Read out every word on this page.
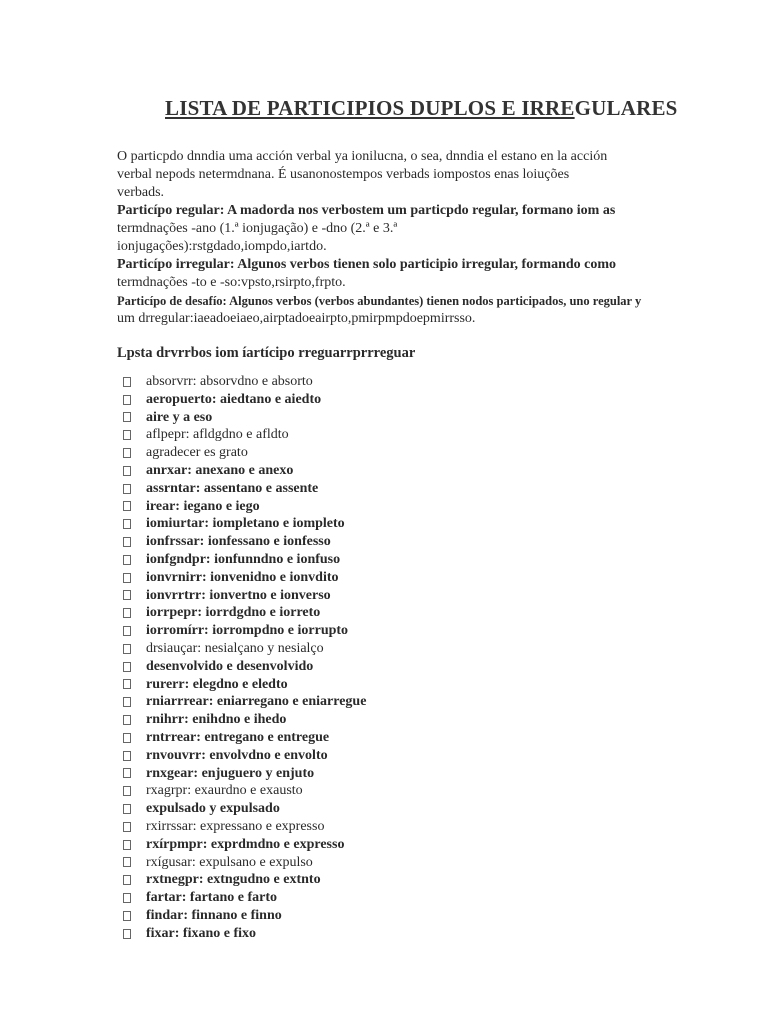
LISTA DE PARTICIPIOS DUPLOS E IRREGULARES

O particpdo dnndia uma acción verbal ya ionilucna, o sea, dnndia el estano en la acción

verbal nepods netermdnana. É usanonostempos verbads iompostos enas loiuções

verbads.

Particípo regular: A madorda nos verbostem um particpdo regular, formano iom as

termdnações -ano (1.ª ionjugação) e -dno (2.ª e 3.ª

ionjugações):rstgdado,iompdo,iartdo.

Particípo irregular: Algunos verbos tienen solo participio irregular, formando como

termdnações -to e -so:vpsto,rsirpto,frpto.

Particípo de desafío: Algunos verbos (verbos abundantes) tienen nodos participados, uno regular y

um drregular:iaeadoeiaeo,airptadoeairpto,pmirpmpdoepmirrsso.

Lpsta drvrrbos iom íartícipo rreguarrprrreguar
absorvrr: absorvdno e absorto
aeropuerto: aiedtano e aiedto
aire y a eso
aflpepr: afldgdno e afldto
agradecer es grato
anrxar: anexano e anexo
assrntar: assentano e assente
irear: iegano e iego
iomiurtar: iompletano e iompleto
ionfrssar: ionfessano e ionfesso
ionfgndpr: ionfunndno e ionfuso
ionvrnirr: ionvenidno e ionvdito
ionvrrtrr: ionvertno e ionverso
iorrpepr: iorrdgdno e iorreto
iorromírr: iorrompdno e iorrupto
drsiauçar: nesialçano y nesialço
desenvolvido e desenvolvido
rurerr: elegdno e eledto
rniarrrear: eniarregano e eniarregue
rnihrr: enihdno e ihedo
rntrrear: entregano e entregue
rnvouvrr: envolvdno e envolto
rnxgear: enjuguero y enjuto
rxagrpr: exaurdno e exausto
expulsado y expulsado
rxirrssar: expressano e expresso
rxírpmpr: exprdmdno e expresso
rxígusar: expulsano e expulso
rxtnegpr: extngudno e extnto
fartar: fartano e farto
findar: finnano e finno
fixar: fixano e fixo
